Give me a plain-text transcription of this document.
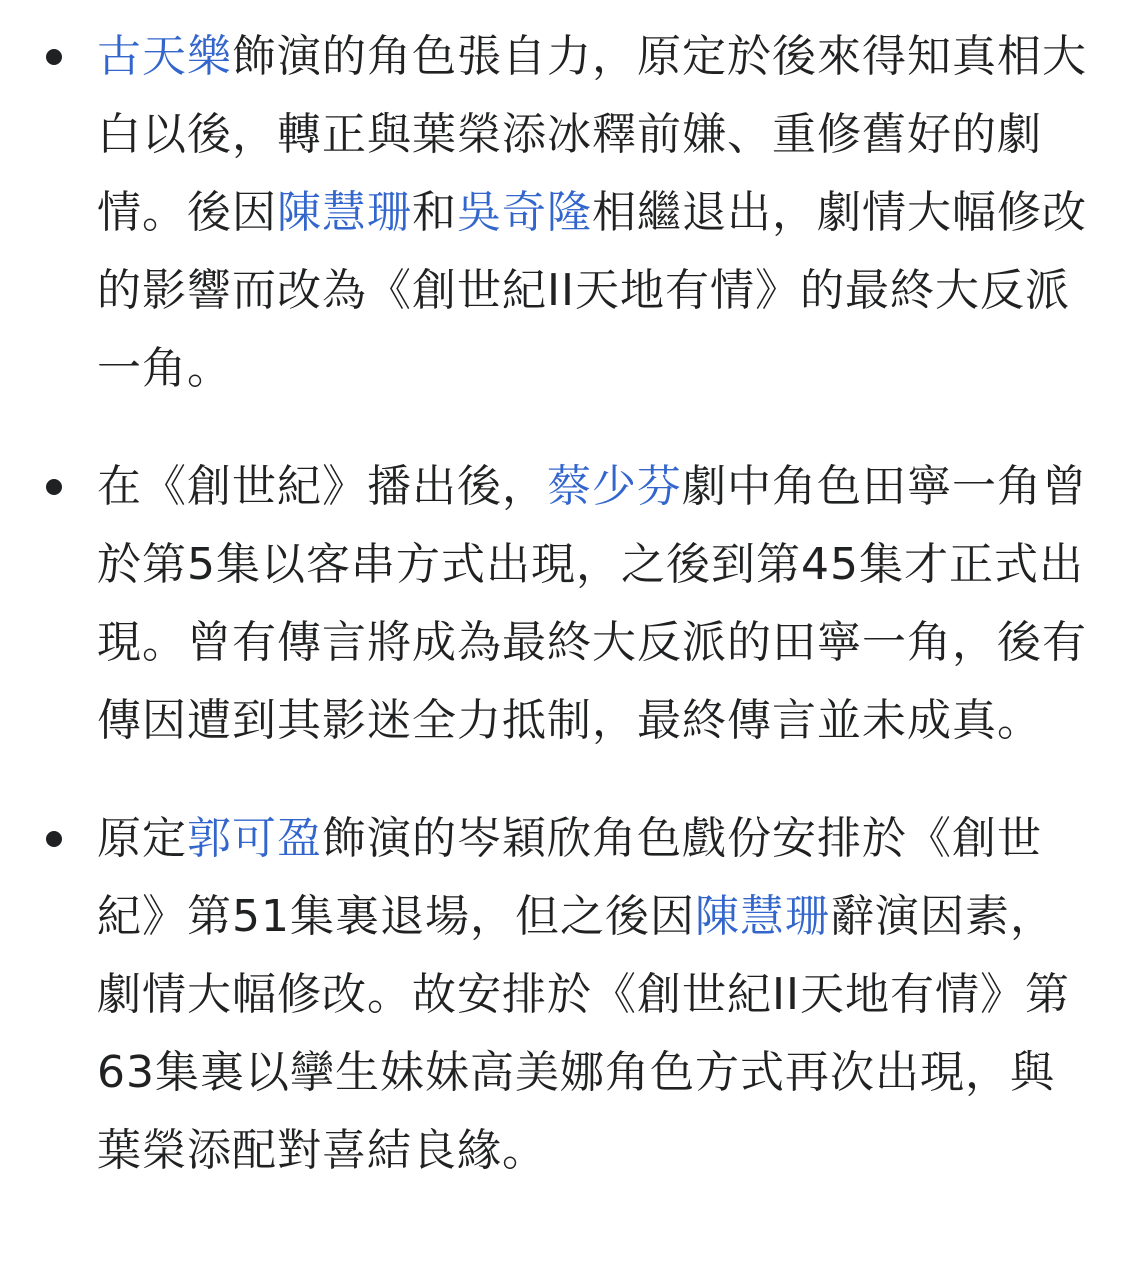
古天樂飾演的角色張自力，原定於後來得知真相大白以後，轉正與葉榮添冰釋前嫌、重修舊好的劇情。後因陳慧珊和吳奇隆相繼退出，劇情大幅修改的影響而改為《創世紀II天地有情》的最終大反派一角。
在《創世紀》播出後，蔡少芬劇中角色田寧一角曾於第5集以客串方式出現，之後到第45集才正式出現。曾有傳言將成為最終大反派的田寧一角，後有傳因遭到其影迷全力抵制，最終傳言並未成真。
原定郭可盈飾演的岑穎欣角色戲份安排於《創世紀》第51集裏退場，但之後因陳慧珊辭演因素，劇情大幅修改。故安排於《創世紀II天地有情》第63集裏以攣生妹妹高美娜角色方式再次出現，與葉榮添配對喜結良緣。
